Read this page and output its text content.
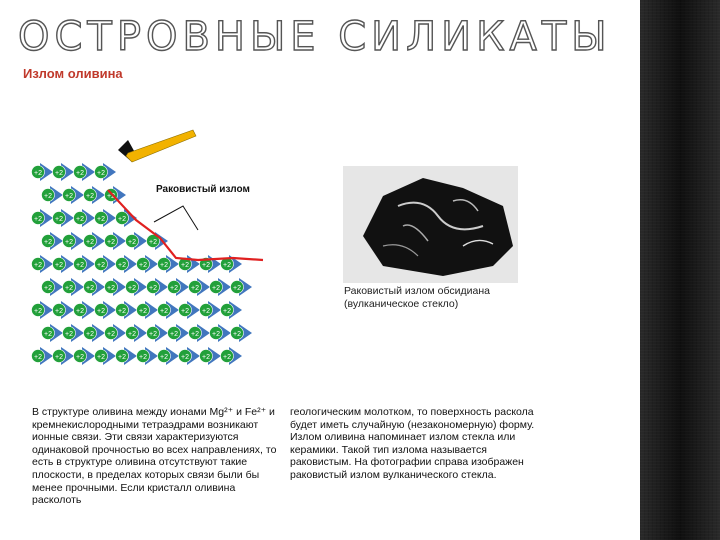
ОСТРОВНЫЕ СИЛИКАТЫ
Излом оливина
+2 +2 +2 +2
+2 +2 +2 +2
+2 +2 +2 +2 +2
+2 +2 +2 +2 +2 +2
+2 +2 +2 +2 +2 +2 +2 +2 +2 +2
+2 +2 +2 +2 +2 +2 +2 +2 +2 +2
+2 +2 +2 +2 +2 +2 +2 +2 +2 +2
+2 +2 +2 +2 +2 +2 +2 +2 +2 +2
+2 +2 +2 +2 +2 +2 +2 +2 +2 +2
Раковистый излом
Раковистый излом обсидиана
(вулканическое стекло)
В структуре оливина между ионами Mg²⁺ и Fe²⁺ и кремнекислородными тетраэдрами возникают ионные связи. Эти связи характеризуются одинаковой прочностью во всех направлениях, то есть в структуре оливина отсутствуют такие плоскости, в пределах которых связи были бы менее прочными. Если кристалл оливина расколоть
геологическим молотком, то поверхность раскола будет иметь случайную (незакономерную) форму. Излом оливина напоминает излом стекла или керамики. Такой тип излома называется раковистым. На фотографии справа изображен раковистый излом вулканического стекла.
